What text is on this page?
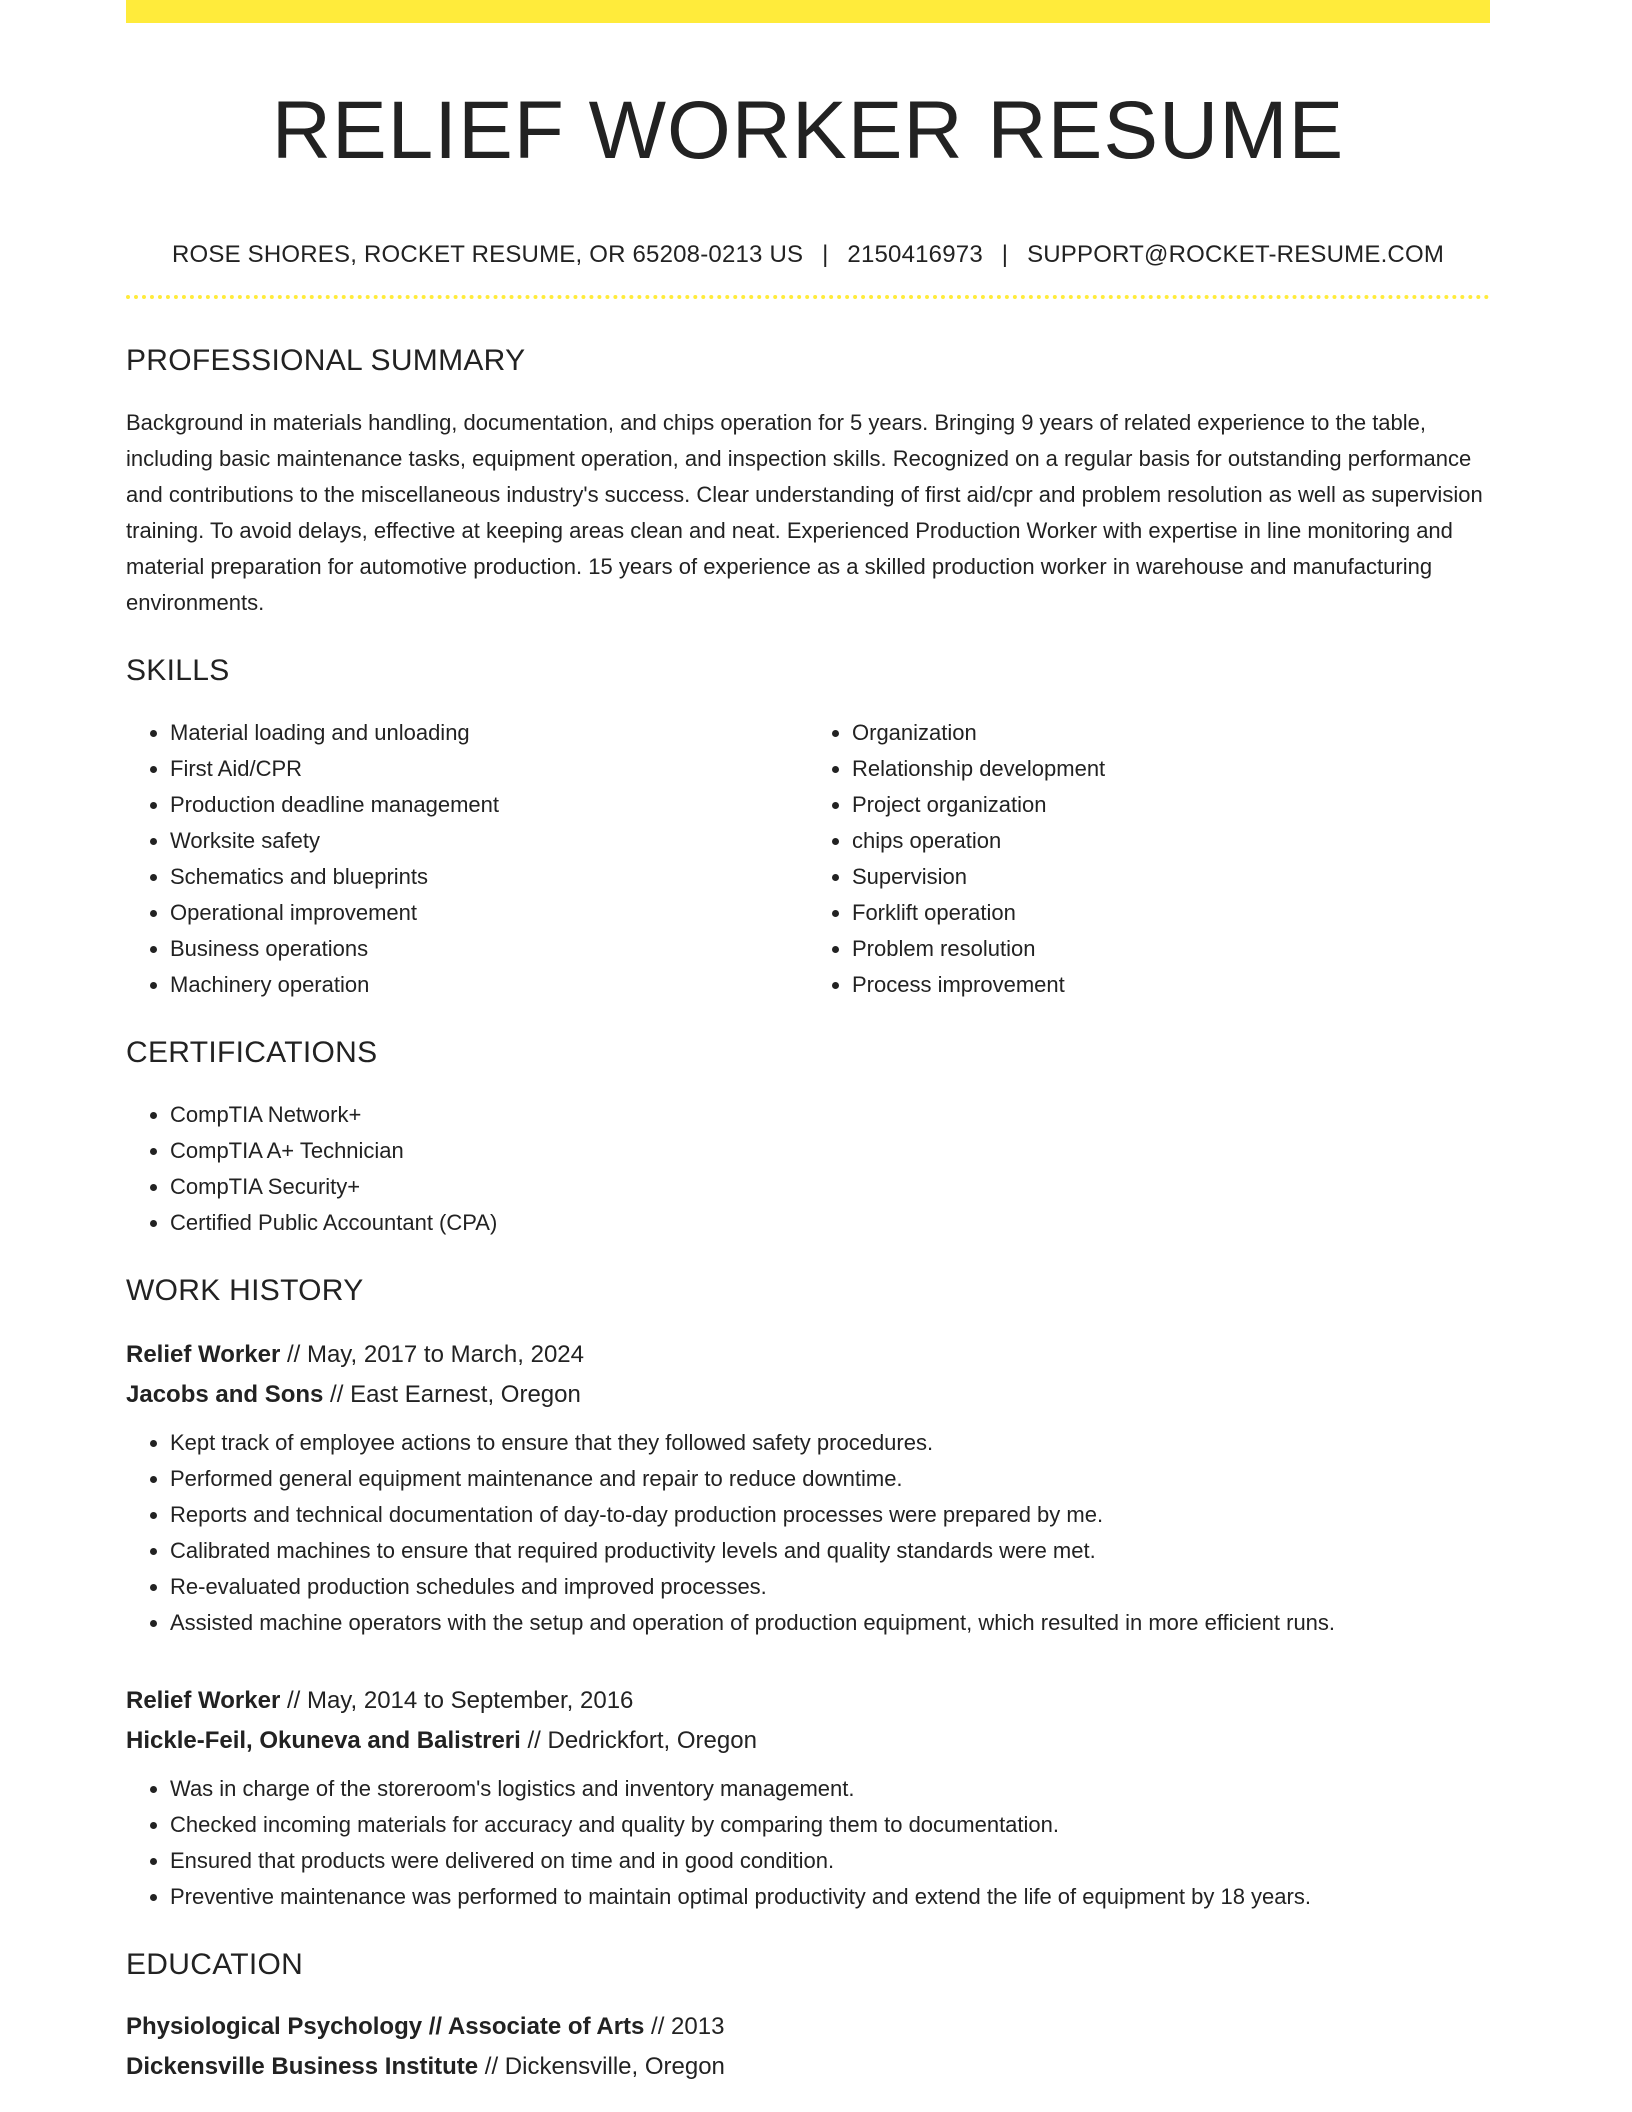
RELIEF WORKER RESUME
ROSE SHORES, ROCKET RESUME, OR 65208-0213 US | 2150416973 | SUPPORT@ROCKET-RESUME.COM
PROFESSIONAL SUMMARY

Background in materials handling, documentation, and chips operation for 5 years. Bringing 9 years of related experience to the table, including basic maintenance tasks, equipment operation, and inspection skills. Recognized on a regular basis for outstanding performance and contributions to the miscellaneous industry's success. Clear understanding of first aid/cpr and problem resolution as well as supervision training. To avoid delays, effective at keeping areas clean and neat. Experienced Production Worker with expertise in line monitoring and material preparation for automotive production. 15 years of experience as a skilled production worker in warehouse and manufacturing environments.

SKILLS
• Material loading and unloading
• First Aid/CPR
• Production deadline management
• Worksite safety
• Schematics and blueprints
• Operational improvement
• Business operations
• Machinery operation
• Organization
• Relationship development
• Project organization
• chips operation
• Supervision
• Forklift operation
• Problem resolution
• Process improvement
CERTIFICATIONS
• CompTIA Network+
• CompTIA A+ Technician
• CompTIA Security+
• Certified Public Accountant (CPA)
WORK HISTORY
Relief Worker // May, 2017 to March, 2024
Jacobs and Sons // East Earnest, Oregon
• Kept track of employee actions to ensure that they followed safety procedures.
• Performed general equipment maintenance and repair to reduce downtime.
• Reports and technical documentation of day-to-day production processes were prepared by me.
• Calibrated machines to ensure that required productivity levels and quality standards were met.
• Re-evaluated production schedules and improved processes.
• Assisted machine operators with the setup and operation of production equipment, which resulted in more efficient runs.
Relief Worker // May, 2014 to September, 2016
Hickle-Feil, Okuneva and Balistreri // Dedrickfort, Oregon
• Was in charge of the storeroom's logistics and inventory management.
• Checked incoming materials for accuracy and quality by comparing them to documentation.
• Ensured that products were delivered on time and in good condition.
• Preventive maintenance was performed to maintain optimal productivity and extend the life of equipment by 18 years.
EDUCATION
Physiological Psychology // Associate of Arts // 2013
Dickensville Business Institute // Dickensville, Oregon
